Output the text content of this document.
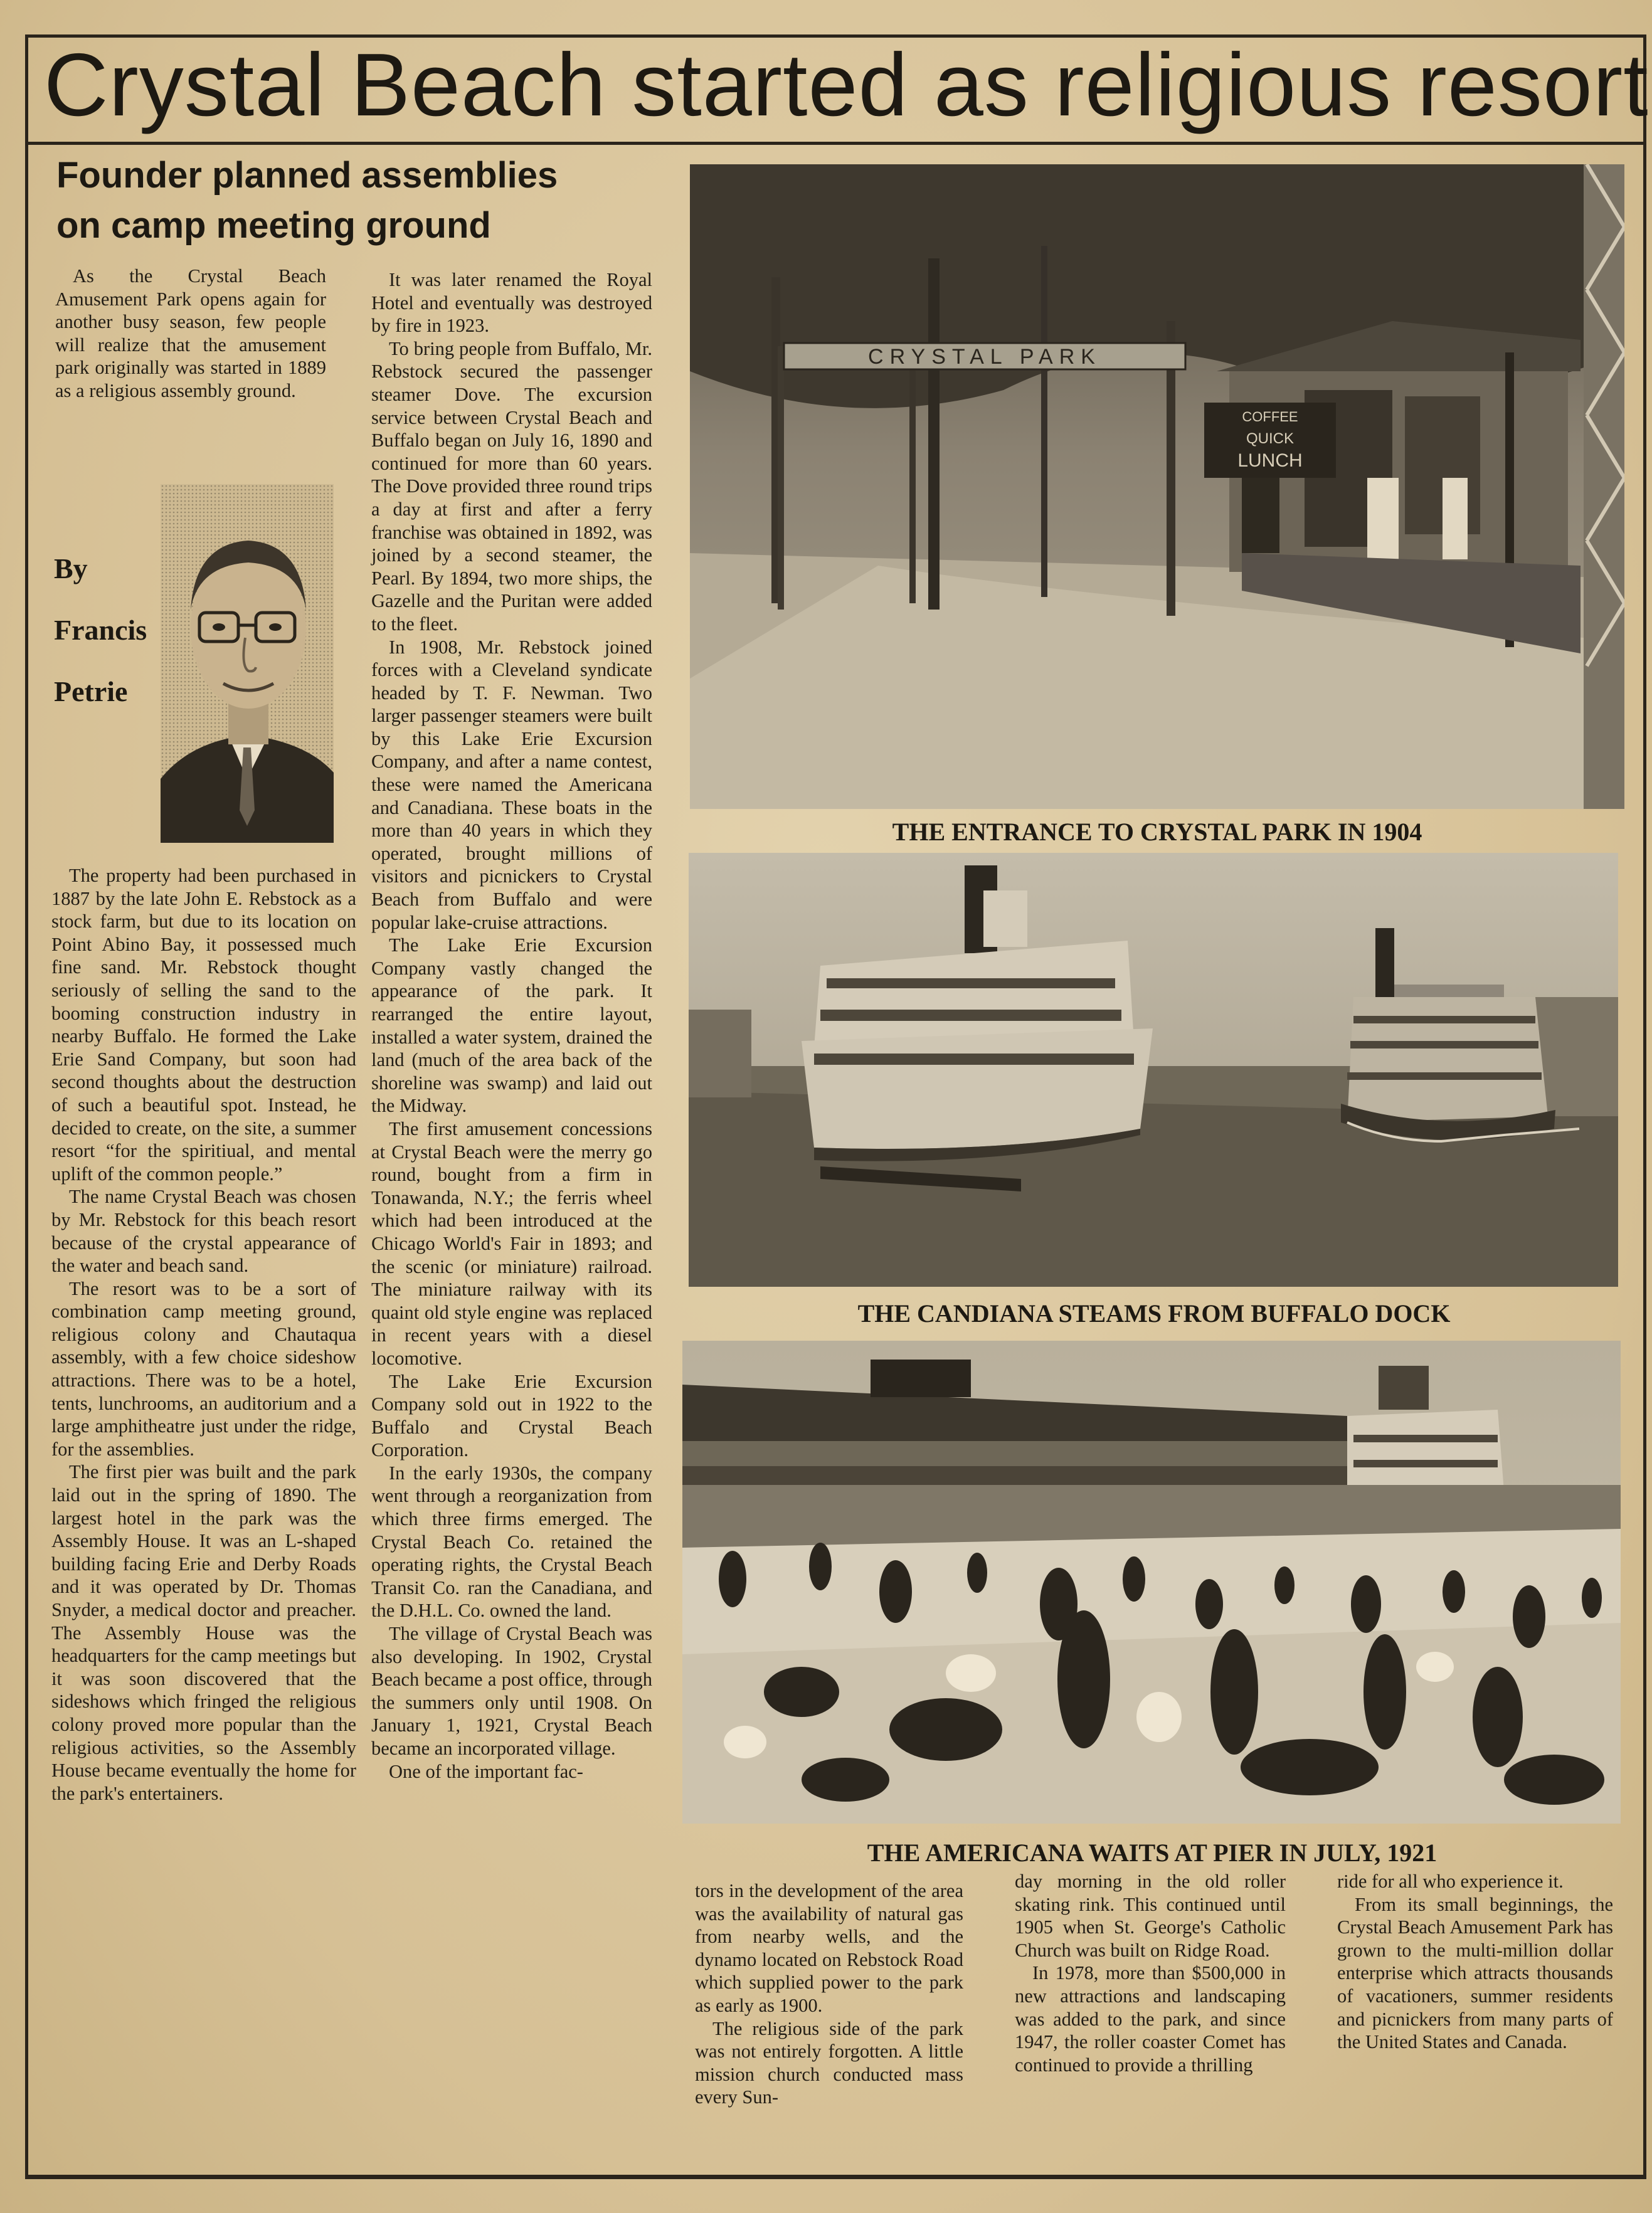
Crystal Beach started as religious resort
Founder planned assemblies
on camp meeting ground

As the Crystal Beach Amusement Park opens again for another busy season, few people will realize that the amusement park originally was started in 1889 as a religious assembly ground.

By
Francis
Petrie

The property had been purchased in 1887 by the late John E. Rebstock as a stock farm, but due to its location on Point Abino Bay, it possessed much fine sand. Mr. Rebstock thought seriously of selling the sand to the booming construction industry in nearby Buffalo. He formed the Lake Erie Sand Company, but soon had second thoughts about the destruction of such a beautiful spot. Instead, he decided to create, on the site, a summer resort “for the spiritiual, and mental uplift of the common people.”

The name Crystal Beach was chosen by Mr. Rebstock for this beach resort because of the crystal appearance of the water and beach sand.

The resort was to be a sort of combination camp meeting ground, religious colony and Chautaqua assembly, with a few choice sideshow attractions. There was to be a hotel, tents, lunchrooms, an auditorium and a large amphitheatre just under the ridge, for the assemblies.

The first pier was built and the park laid out in the spring of 1890. The largest hotel in the park was the Assembly House. It was an L-shaped building facing Erie and Derby Roads and it was operated by Dr. Thomas Snyder, a medical doctor and preacher. The Assembly House was the headquarters for the camp meetings but it was soon discovered that the sideshows which fringed the religious colony proved more popular than the religious activities, so the Assembly House became eventually the home for the park's entertainers.

It was later renamed the Royal Hotel and eventually was destroyed by fire in 1923.

To bring people from Buffalo, Mr. Rebstock secured the passenger steamer Dove. The excursion service between Crystal Beach and Buffalo began on July 16, 1890 and continued for more than 60 years. The Dove provided three round trips a day at first and after a ferry franchise was obtained in 1892, was joined by a second steamer, the Pearl. By 1894, two more ships, the Gazelle and the Puritan were added to the fleet.

In 1908, Mr. Rebstock joined forces with a Cleveland syndicate headed by T. F. Newman. Two larger passenger steamers were built by this Lake Erie Excursion Company, and after a name contest, these were named the Americana and Canadiana. These boats in the more than 40 years in which they operated, brought millions of visitors and picnickers to Crystal Beach from Buffalo and were popular lake-cruise attractions.

The Lake Erie Excursion Company vastly changed the appearance of the park. It rearranged the entire layout, installed a water system, drained the land (much of the area back of the shoreline was swamp) and laid out the Midway.

The first amusement concessions at Crystal Beach were the merry go round, bought from a firm in Tonawanda, N.Y.; the ferris wheel which had been introduced at the Chicago World's Fair in 1893; and the scenic (or miniature) railroad. The miniature railway with its quaint old style engine was replaced in recent years with a diesel locomotive.

The Lake Erie Excursion Company sold out in 1922 to the Buffalo and Crystal Beach Corporation.

In the early 1930s, the company went through a reorganization from which three firms emerged. The Crystal Beach Co. retained the operating rights, the Crystal Beach Transit Co. ran the Canadiana, and the D.H.L. Co. owned the land.

The village of Crystal Beach was also developing. In 1902, Crystal Beach became a post office, through the summers only until 1908. On January 1, 1921, Crystal Beach became an incorporated village.

One of the important fac-

CRYSTAL PARK
COFFEE
QUICK
LUNCH
THE ENTRANCE TO CRYSTAL PARK IN 1904
THE CANDIANA STEAMS FROM BUFFALO DOCK
THE AMERICANA WAITS AT PIER IN JULY, 1921

tors in the development of the area was the availability of natural gas from nearby wells, and the dynamo located on Rebstock Road which supplied power to the park as early as 1900.

The religious side of the park was not entirely forgotten. A little mission church conducted mass every Sun-

day morning in the old roller skating rink. This continued until 1905 when St. George's Catholic Church was built on Ridge Road.

In 1978, more than $500,000 in new attractions and landscaping was added to the park, and since 1947, the roller coaster Comet has continued to provide a thrilling

ride for all who experience it.

From its small beginnings, the Crystal Beach Amusement Park has grown to the multi-million dollar enterprise which attracts thousands of vacationers, summer residents and picnickers from many parts of the United States and Canada.
